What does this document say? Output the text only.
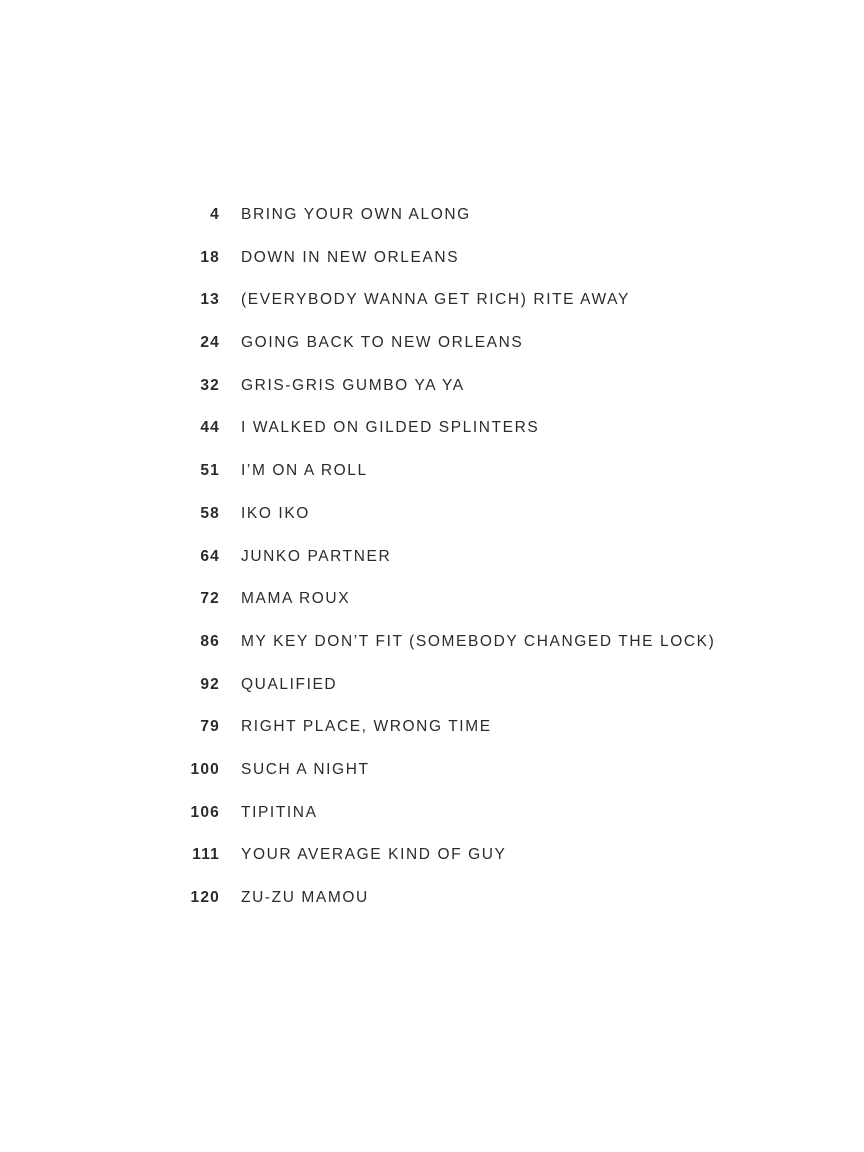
4 BRING YOUR OWN ALONG
18 DOWN IN NEW ORLEANS
13 (EVERYBODY WANNA GET RICH) RITE AWAY
24 GOING BACK TO NEW ORLEANS
32 GRIS-GRIS GUMBO YA YA
44 I WALKED ON GILDED SPLINTERS
51 I’M ON A ROLL
58 IKO IKO
64 JUNKO PARTNER
72 MAMA ROUX
86 MY KEY DON’T FIT (SOMEBODY CHANGED THE LOCK)
92 QUALIFIED
79 RIGHT PLACE, WRONG TIME
100 SUCH A NIGHT
106 TIPITINA
111 YOUR AVERAGE KIND OF GUY
120 ZU-ZU MAMOU
